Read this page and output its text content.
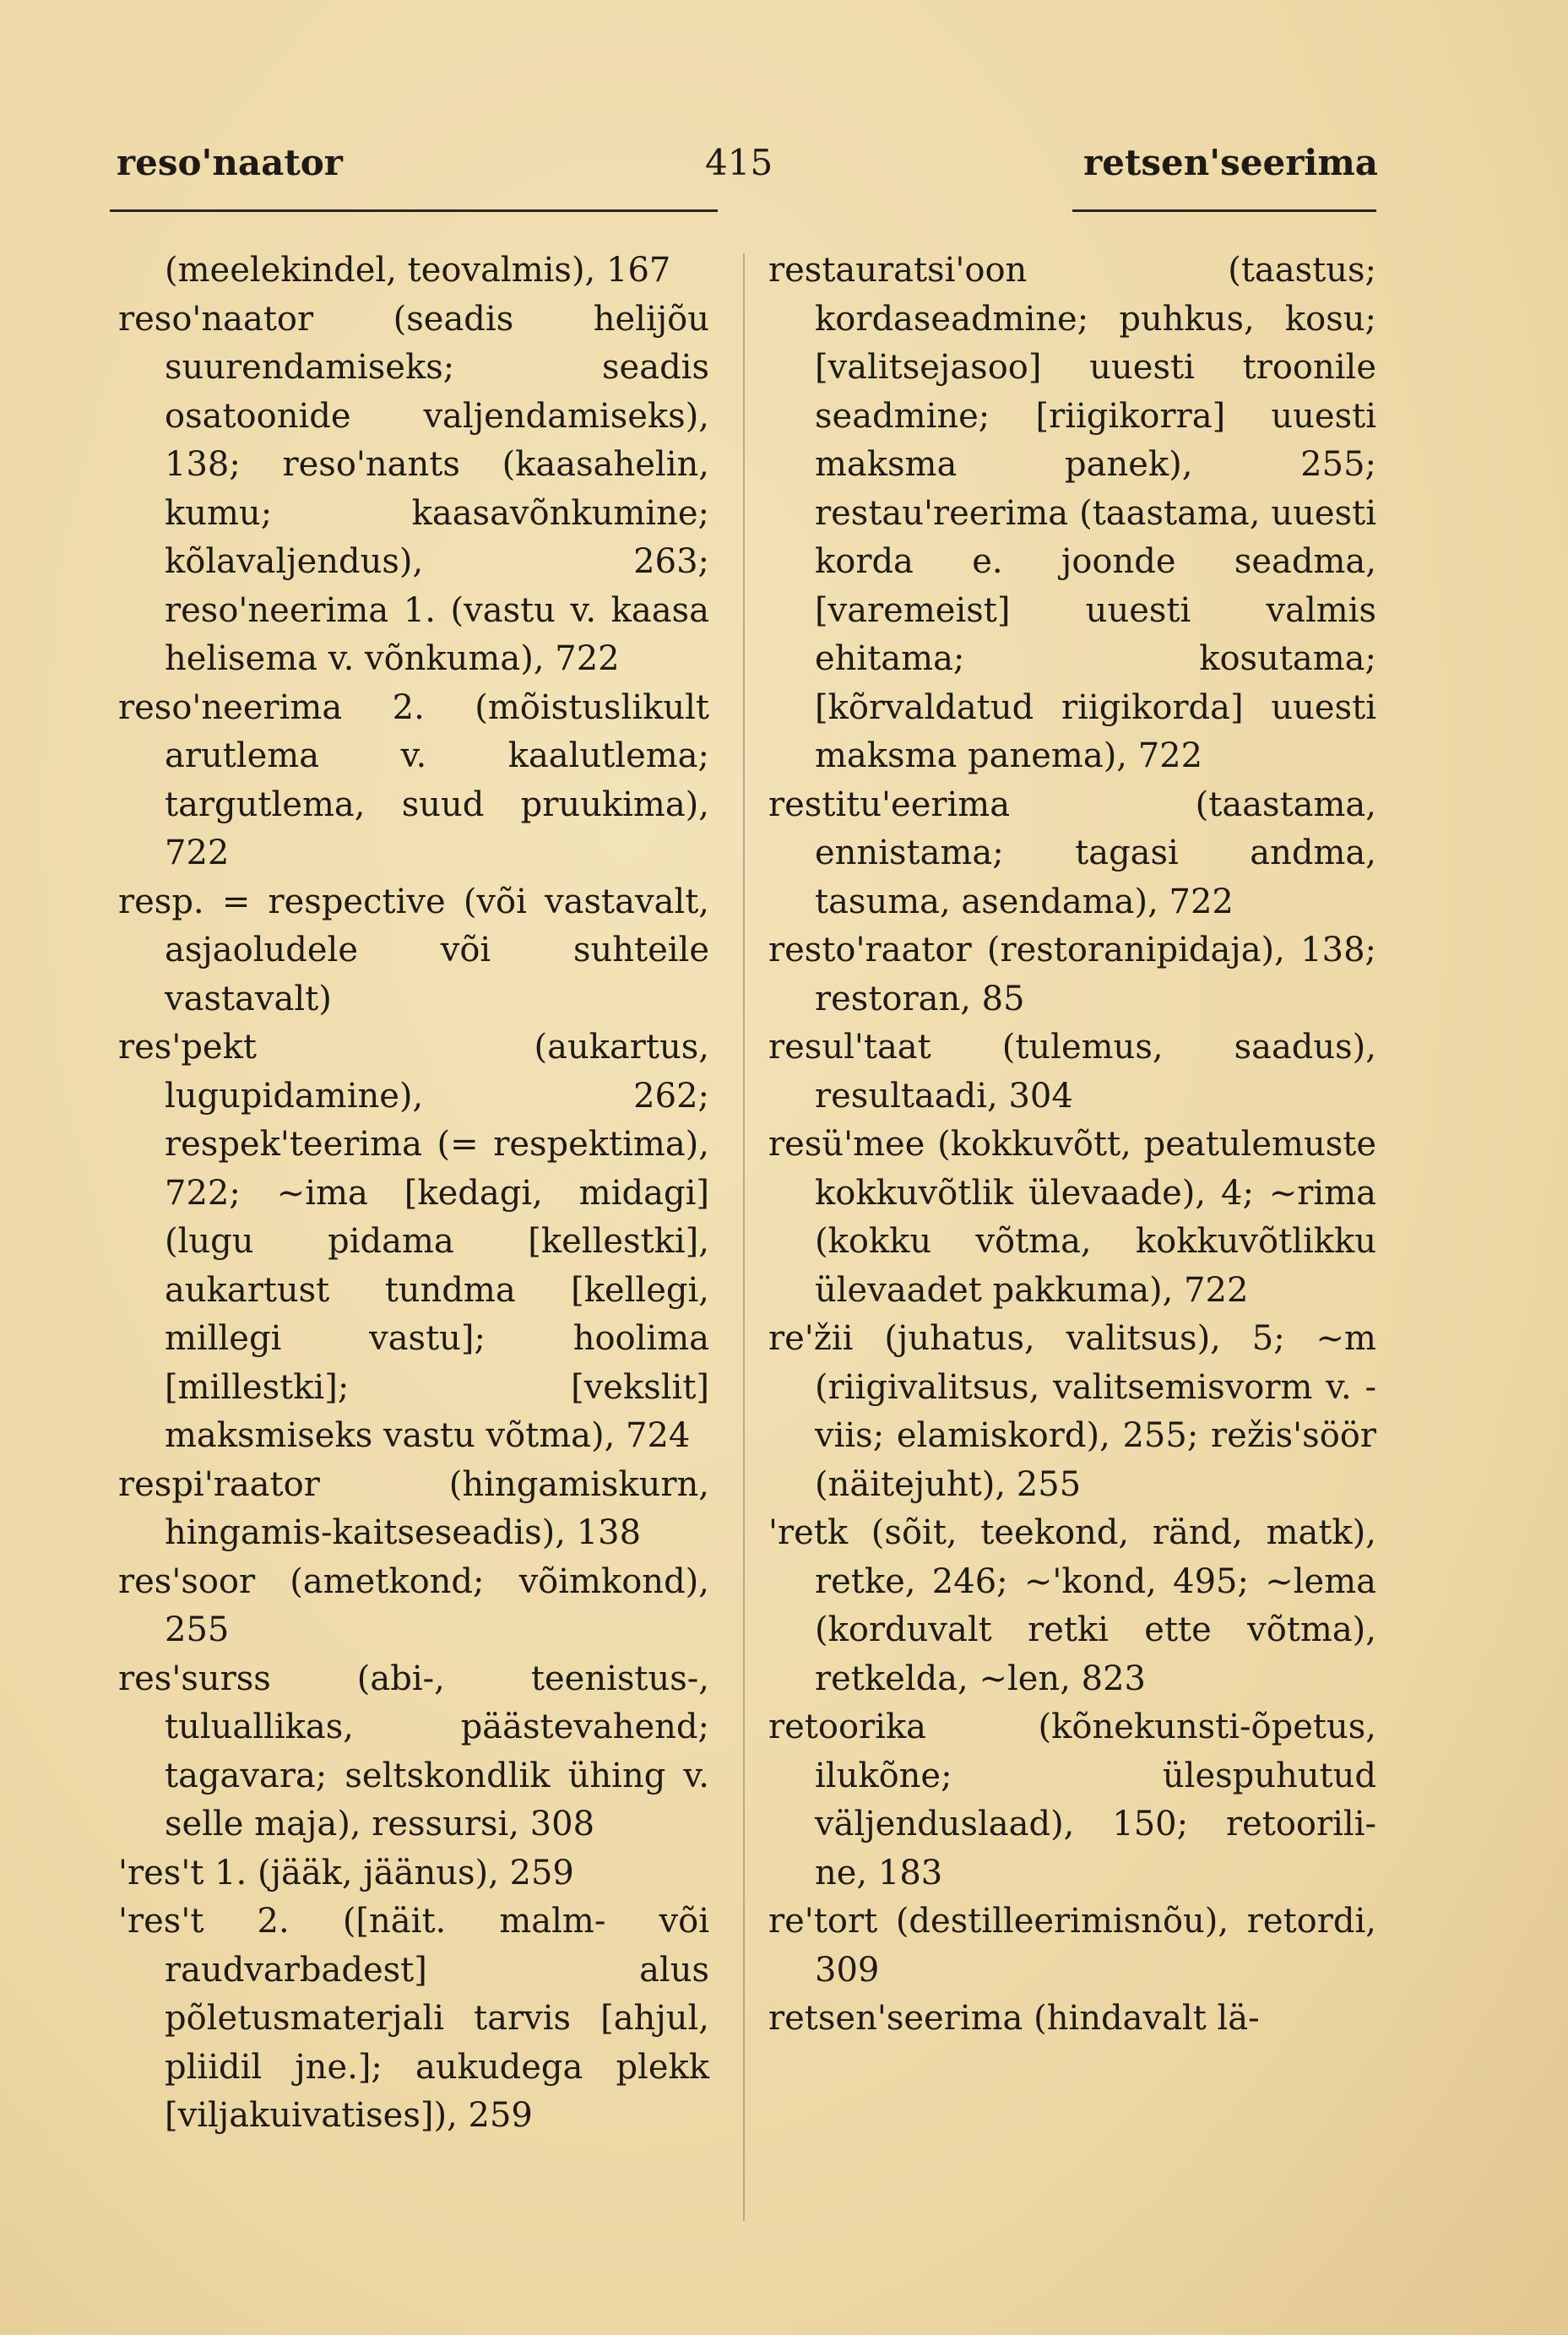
reso'naator	415	retsen'seerima
(meelekindel, teovalmis), 167
reso'naator (seadis helijõu suurendamiseks; seadis osatoonide valjendamiseks), 138; reso'nants (kaasahelin, kumu; kaasavõnkumine; kõlavaljendus), 263; reso'neerima 1. (vastu v. kaasa helisema v. võnkuma), 722
reso'neerima 2. (mõistuslikult arutlema v. kaalutlema; targutlema, suud pruukima), 722
resp. = respective (või vastavalt, asjaoludele või suhteile vastavalt)
res'pekt (aukartus, lugupidamine), 262; respek'teerima (= respektima), 722; ~ima [kedagi, midagi] (lugu pidama [kellestki], aukartust tundma [kellegi, millegi vastu]; hoolima [millestki]; [vekslit] maksmiseks vastu võtma), 724
respi'raator (hingamiskurn, hingamis-kaitseseadis), 138
res'soor (ametkond; võimkond), 255
res'surss (abi-, teenistus-, tuluallikas, päästevahend; tagavara; seltskondlik ühing v. selle maja), ressursi, 308
'res't 1. (jääk, jäänus), 259
'res't 2. ([näit. malm- või raudvarbadest] alus põletusmaterjali tarvis [ahjul, pliidil jne.]; aukudega plekk [viljakuivatises]), 259
restauratsi'oon (taastus; kordaseadmine; puhkus, kosu; [valitsejasoo] uuesti troonile seadmine; [riigikorra] uuesti maksma panek), 255; restau'reerima (taastama, uuesti korda e. joonde seadma, [varemeist] uuesti valmis ehitama; kosutama; [kõrvaldatud riigikorda] uuesti maksma panema), 722
restitu'eerima (taastama, ennistama; tagasi andma, tasuma, asendama), 722
resto'raator (restoranipidaja), 138; restoran, 85
resul'taat (tulemus, saadus), resultaadi, 304
resü'mee (kokkuvõtt, peatulemuste kokkuvõtlik ülevaade), 4; ~rima (kokku võtma, kokkuvõtlikku ülevaadet pakkuma), 722
re'žii (juhatus, valitsus), 5; ~m (riigivalitsus, valitsemisvorm v. -viis; elamiskord), 255; režis'söör (näitejuht), 255
'retk (sõit, teekond, ränd, matk), retke, 246; ~'kond, 495; ~lema (korduvalt retki ette võtma), retkelda, ~len, 823
retoorika (kõnekunsti-õpetus, ilukõne; ülespuhutud väljenduslaad), 150; retoorili- ne, 183
re'tort (destilleerimisnõu), retordi, 309
retsen'seerima (hindavalt lä-
